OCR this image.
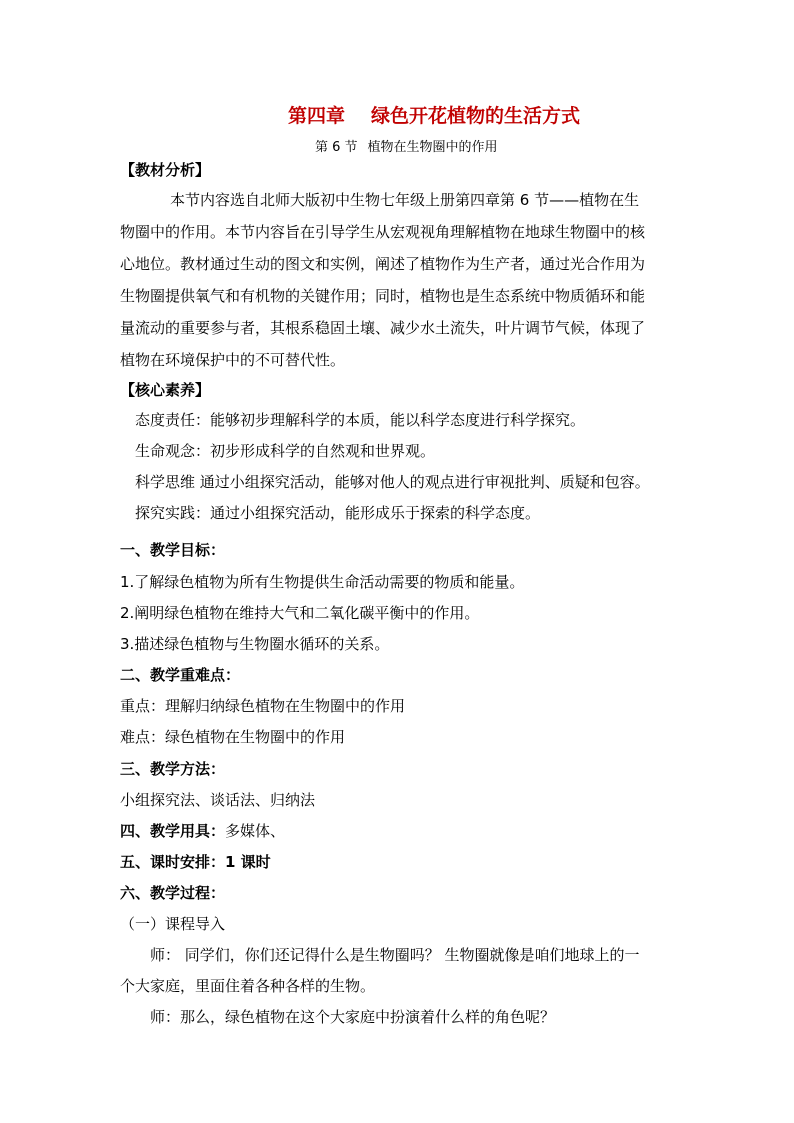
第四章 绿色开花植物的生活方式
第 6 节 植物在生物圈中的作用
【教材分析】
本节内容选自北师大版初中生物七年级上册第四章第 6 节——植物在生
物圈中的作用。本节内容旨在引导学生从宏观视角理解植物在地球生物圈中的核
心地位。教材通过生动的图文和实例，阐述了植物作为生产者，通过光合作用为
生物圈提供氧气和有机物的关键作用；同时，植物也是生态系统中物质循环和能
量流动的重要参与者，其根系稳固土壤、减少水土流失，叶片调节气候，体现了
植物在环境保护中的不可替代性。
【核心素养】
态度责任：能够初步理解科学的本质，能以科学态度进行科学探究。
生命观念：初步形成科学的自然观和世界观。
科学思维 通过小组探究活动，能够对他人的观点进行审视批判、质疑和包容。
探究实践：通过小组探究活动，能形成乐于探索的科学态度。
一、教学目标：
1.了解绿色植物为所有生物提供生命活动需要的物质和能量。
2.阐明绿色植物在维持大气和二氧化碳平衡中的作用。
3.描述绿色植物与生物圈水循环的关系。
二、教学重难点：
重点：理解归纳绿色植物在生物圈中的作用
难点：绿色植物在生物圈中的作用
三、教学方法：
小组探究法、谈话法、归纳法
四、教学用具：多媒体、
五、课时安排：1 课时
六、教学过程：
（一）课程导入
师： 同学们，你们还记得什么是生物圈吗？ 生物圈就像是咱们地球上的一
个大家庭，里面住着各种各样的生物。
师：那么，绿色植物在这个大家庭中扮演着什么样的角色呢？
